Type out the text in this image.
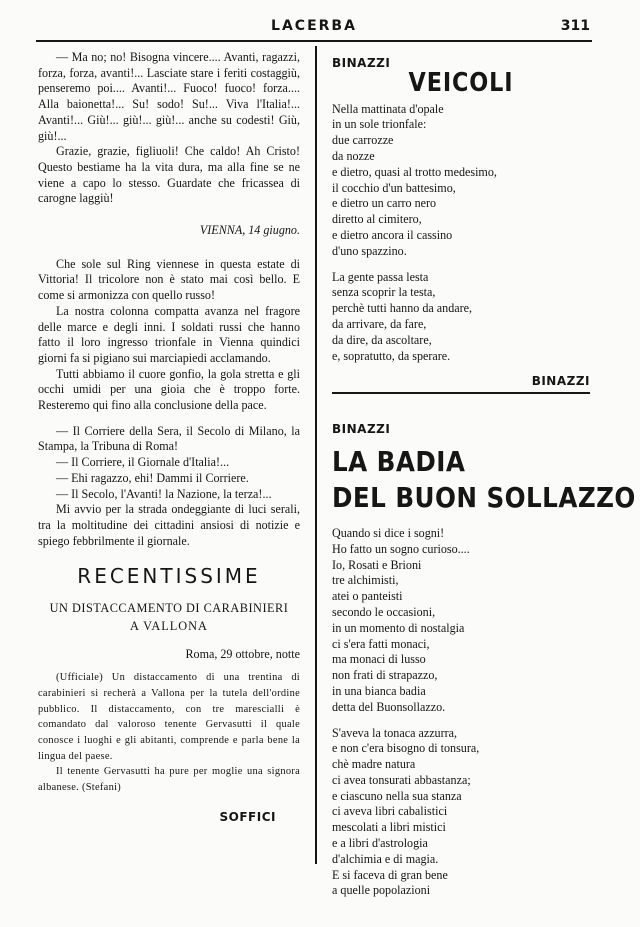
LACERBA	311

— Ma no; no! Bisogna vincere.... Avanti, ragazzi, forza, forza, avanti!... Lasciate stare i feriti costaggiù, penseremo poi.... Avanti!... Fuoco! fuoco! forza.... Alla baionetta!... Su! sodo! Su!... Viva l'Italia!... Avanti!... Giù!... giù!... giù!... anche su codesti! Giù, giù!...

Grazie, grazie, figliuoli! Che caldo! Ah Cristo! Questo bestiame ha la vita dura, ma alla fine se ne viene a capo lo stesso. Guardate che fricassea di carogne laggiù!

VIENNA, 14 giugno.

Che sole sul Ring viennese in questa estate di Vittoria! Il tricolore non è stato mai così bello. E come si armonizza con quello russo!

La nostra colonna compatta avanza nel fragore delle marce e degli inni. I soldati russi che hanno fatto il loro ingresso trionfale in Vienna quindici giorni fa si pigiano sui marciapiedi acclamando.

Tutti abbiamo il cuore gonfio, la gola stretta e gli occhi umidi per una gioia che è troppo forte. Resteremo qui fino alla conclusione della pace.

— Il Corriere della Sera, il Secolo di Milano, la Stampa, la Tribuna di Roma!

— Il Corriere, il Giornale d'Italia!...

— Ehi ragazzo, ehi! Dammi il Corriere.

— Il Secolo, l'Avanti! la Nazione, la terza!...

Mi avvio per la strada ondeggiante di luci serali, tra la moltitudine dei cittadini ansiosi di notizie e spiego febbrilmente il giornale.

RECENTISSIME

UN DISTACCAMENTO DI CARABINIERI

A VALLONA

Roma, 29 ottobre, notte

(Ufficiale) Un distaccamento di una trentina di carabinieri si recherà a Vallona per la tutela dell'ordine pubblico. Il distaccamento, con tre marescialli è comandato dal valoroso tenente Gervasutti il quale conosce i luoghi e gli abitanti, comprende e parla bene la lingua del paese.

Il tenente Gervasutti ha pure per moglie una signora albanese. (Stefani)

SOFFICI
BINAZZI
VEICOLI
Nella mattinata d'opale
in un sole trionfale:
due carrozze
da nozze
e dietro, quasi al trotto medesimo,
il cocchio d'un battesimo,
e dietro un carro nero
diretto al cimitero,
e dietro ancora il cassino
d'uno spazzino.
La gente passa lesta
senza scoprir la testa,
perchè tutti hanno da andare,
da arrivare, da fare,
da dire, da ascoltare,
e, sopratutto, da sperare.
BINAZZI
BINAZZI
LA BADIA
DEL BUON SOLLAZZO
Quando si dice i sogni!
Ho fatto un sogno curioso....
Io, Rosati e Brioni
tre alchimisti,
atei o panteisti
secondo le occasioni,
in un momento di nostalgia
ci s'era fatti monaci,
ma monaci di lusso
non frati di strapazzo,
in una bianca badia
detta del Buonsollazzo.
S'aveva la tonaca azzurra,
e non c'era bisogno di tonsura,
chè madre natura
ci avea tonsurati abbastanza;
e ciascuno nella sua stanza
ci aveva libri cabalistici
mescolati a libri mistici
e a libri d'astrologia
d'alchimia e di magia.
E si faceva di gran bene
a quelle popolazioni
